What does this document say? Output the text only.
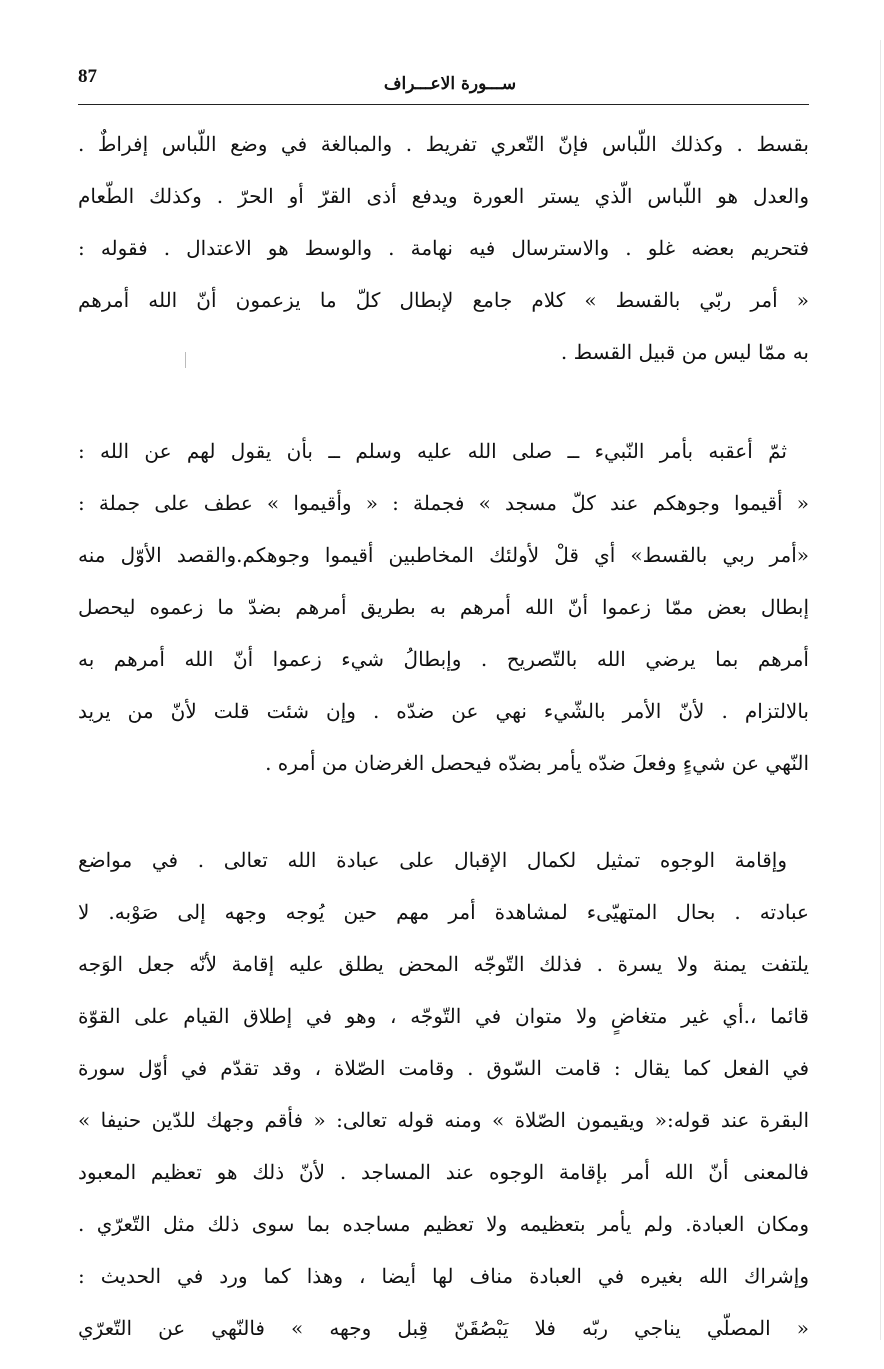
87	ســـورة الاعـــراف
بقسط . وكذلك اللّباس فإنّ التّعري تفريط . والمبالغة في وضع اللّباس إفراطٌ .
والعدل هو اللّباس الّذي يستر العورة ويدفع أذى القرّ أو الحرّ . وكذلك الطّعام
فتحريم بعضه غلو . والاسترسال فيه نهامة . والوسط هو الاعتدال . فقوله :
« أمر ربّي بالقسط » كلام جامع لإبطال كلّ ما يزعمون أنّ الله أمرهم
به ممّا ليس من قبيل القسط .
ثمّ أعقبه بأمر النّبيء ــ صلى الله عليه وسلم ــ بأن يقول لهم عن الله :
« أقيموا وجوهكم عند كلّ مسجد » فجملة : « وأقيموا » عطف على جملة :
«أمر ربي بالقسط» أي قلْ لأولئك المخاطبين أقيموا وجوهكم.والقصد الأوّل منه
إبطال بعض ممّا زعموا أنّ الله أمرهم به بطريق أمرهم بضدّ ما زعموه ليحصل
أمرهم بما يرضي الله بالتّصريح . وإبطالُ شيء زعموا أنّ الله أمرهم به
بالالتزام . لأنّ الأمر بالشّيء نهي عن ضدّه . وإن شئت قلت لأنّ من يريد
النّهي عن شيءٍ وفعلَ ضدّه يأمر بضدّه فيحصل الغرضان من أمره .
وإقامة الوجوه تمثيل لكمال الإقبال على عبادة الله تعالى . في مواضع
عبادته . بحال المتهيّىء لمشاهدة أمر مهم حين يُوجه وجهه إلى صَوْبه. لا
يلتفت يمنة ولا يسرة . فذلك التّوجّه المحض يطلق عليه إقامة لأنّه جعل الوَجه
قائما ،.أي غير متغاضٍ ولا متوان في التّوجّه ، وهو في إطلاق القيام على القوّة
في الفعل كما يقال : قامت السّوق . وقامت الصّلاة ، وقد تقدّم في أوّل سورة
البقرة عند قوله:« ويقيمون الصّلاة » ومنه قوله تعالى: « فأقم وجهك للدّين حنيفا »
فالمعنى أنّ الله أمر بإقامة الوجوه عند المساجد . لأنّ ذلك هو تعظيم المعبود
ومكان العبادة. ولم يأمر بتعظيمه ولا تعظيم مساجده بما سوى ذلك مثل التّعرّي .
وإشراك الله بغيره في العبادة مناف لها أيضا ، وهذا كما ورد في الحديث :
« المصلّي يناجي ربّه فلا يَبْصُقَنّ قِبل وجهه » فالنّهي عن التّعرّي
